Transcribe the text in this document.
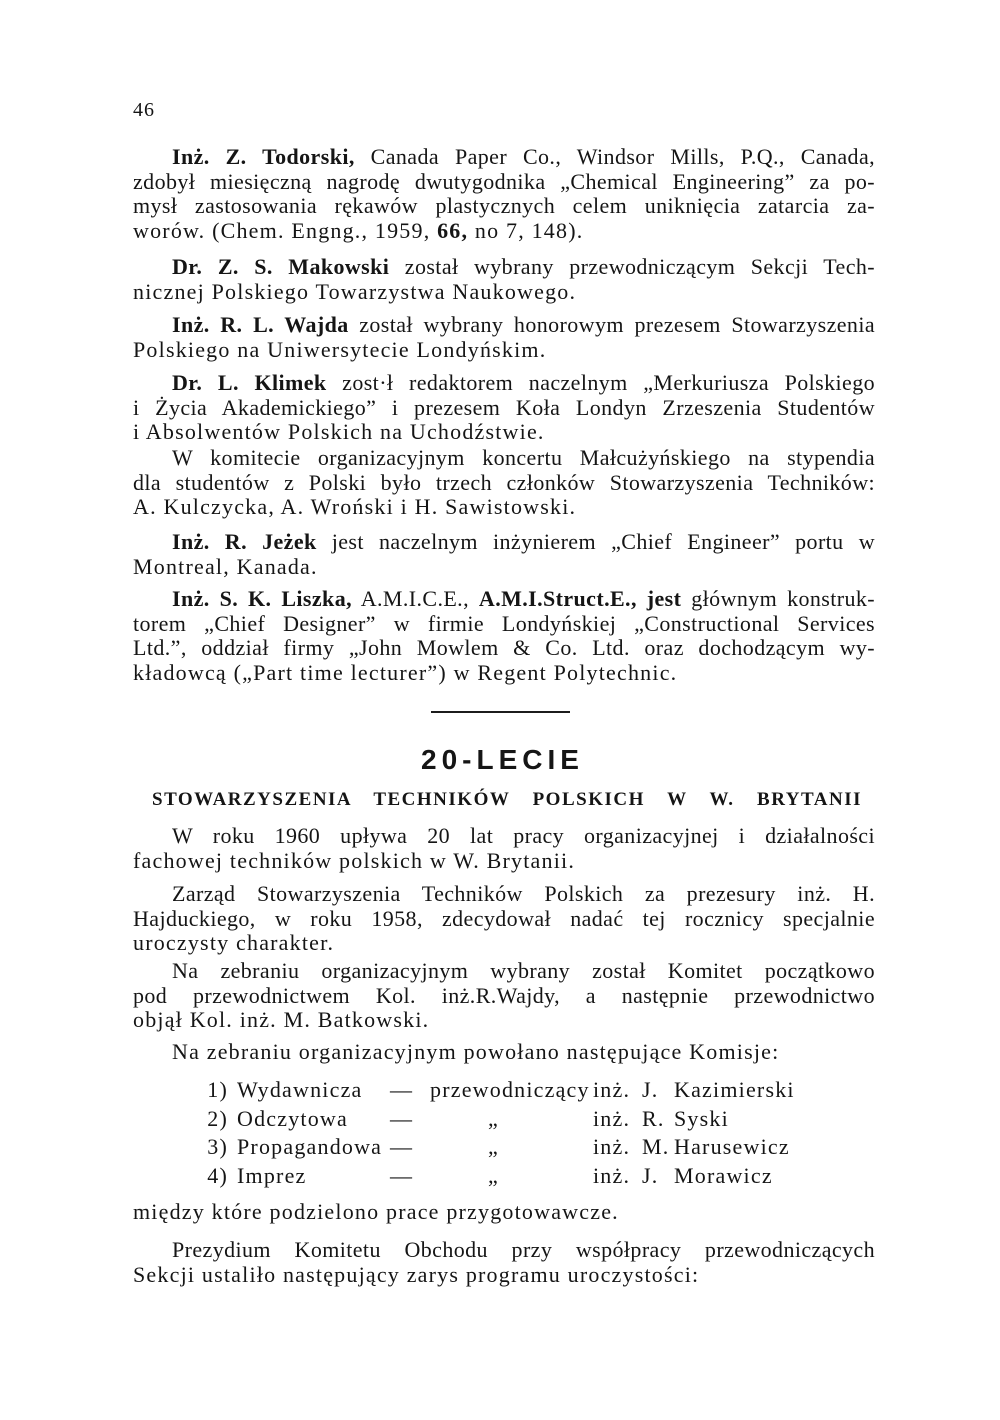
46
Inż. Z. Todorski, Canada Paper Co., Windsor Mills, P.Q., Canada,
zdobył miesięczną nagrodę dwutygodnika „Chemical Engineering” za po-
mysł zastosowania rękawów plastycznych celem uniknięcia zatarcia za-
worów. (Chem. Engng., 1959, 66, no 7, 148).
Dr. Z. S. Makowski został wybrany przewodniczącym Sekcji Tech-
nicznej Polskiego Towarzystwa Naukowego.
Inż. R. L. Wajda został wybrany honorowym prezesem Stowarzyszenia
Polskiego na Uniwersytecie Londyńskim.
Dr. L. Klimek zost·ł redaktorem naczelnym „Merkuriusza Polskiego
i Życia Akademickiego” i prezesem Koła Londyn Zrzeszenia Studentów
i Absolwentów Polskich na Uchodźstwie.
W komitecie organizacyjnym koncertu Małcużyńskiego na stypendia
dla studentów z Polski było trzech członków Stowarzyszenia Techników:
A. Kulczycka, A. Wroński i H. Sawistowski.
Inż. R. Jeżek jest naczelnym inżynierem „Chief Engineer” portu w
Montreal, Kanada.
Inż. S. K. Liszka, A.M.I.C.E., A.M.I.Struct.E., jest głównym konstruk-
torem „Chief Designer” w firmie Londyńskiej „Constructional Services
Ltd.”, oddział firmy „John Mowlem & Co. Ltd. oraz dochodzącym wy-
kładowcą („Part time lecturer”) w Regent Polytechnic.
20-LECIE
STOWARZYSZENIA TECHNIKÓW POLSKICH W W. BRYTANII
W roku 1960 upływa 20 lat pracy organizacyjnej i działalności
fachowej techników polskich w W. Brytanii.
Zarząd Stowarzyszenia Techników Polskich za prezesury inż. H.
Hajduckiego, w roku 1958, zdecydował nadać tej rocznicy specjalnie
uroczysty charakter.
Na zebraniu organizacyjnym wybrany został Komitet początkowo
pod przewodnictwem Kol. inż.R.Wajdy, a następnie przewodnictwo
objął Kol. inż. M. Batkowski.
Na zebraniu organizacyjnym powołano następujące Komisje:
1) Wydawnicza	— przewodniczący inż. J. Kazimierski
2) Odczytowa	—	„	inż. R. Syski
3) Propagandowa —	„	inż. M. Harusewicz
4) Imprez	—	„	inż. J. Morawicz
między które podzielono prace przygotowawcze.
Prezydium Komitetu Obchodu przy współpracy przewodniczących
Sekcji ustaliło następujący zarys programu uroczystości:
